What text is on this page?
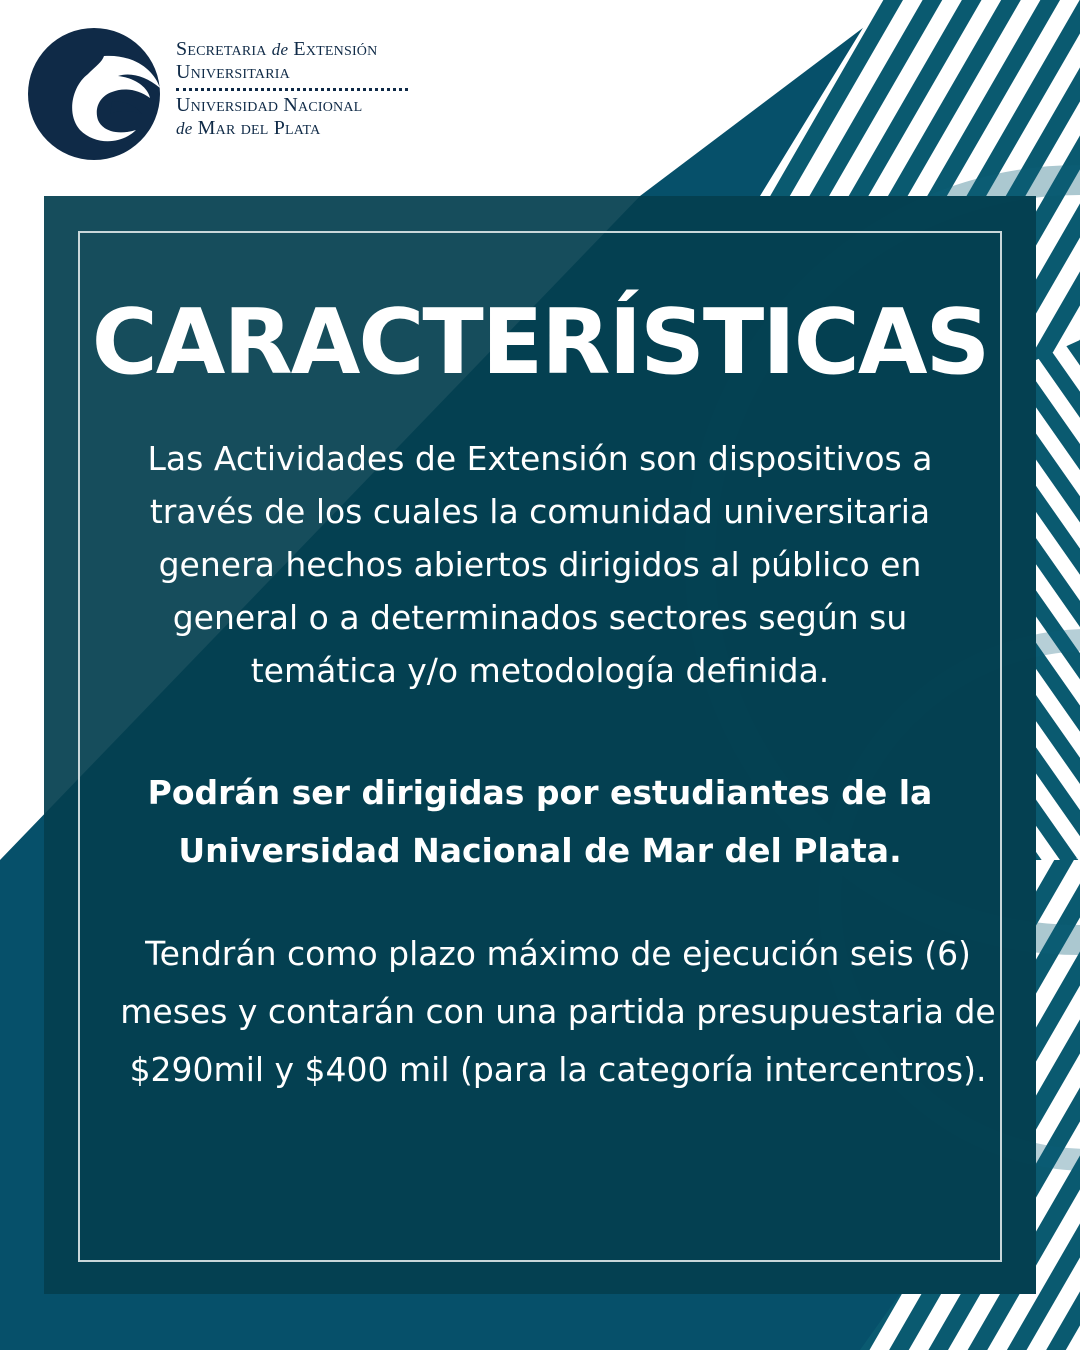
Secretaria de Extensión
Universitaria
Universidad Nacional
de Mar del Plata
CARACTERÍSTICAS

Las Actividades de Extensión son dispositivos a través de los cuales la comunidad universitaria genera hechos abiertos dirigidos al público en general o a determinados sectores según su temática y/o metodología definida.

Podrán ser dirigidas por estudiantes de la Universidad Nacional de Mar del Plata.

Tendrán como plazo máximo de ejecución seis (6) meses y contarán con una partida presupuestaria de $290mil y $400 mil (para la categoría intercentros).
